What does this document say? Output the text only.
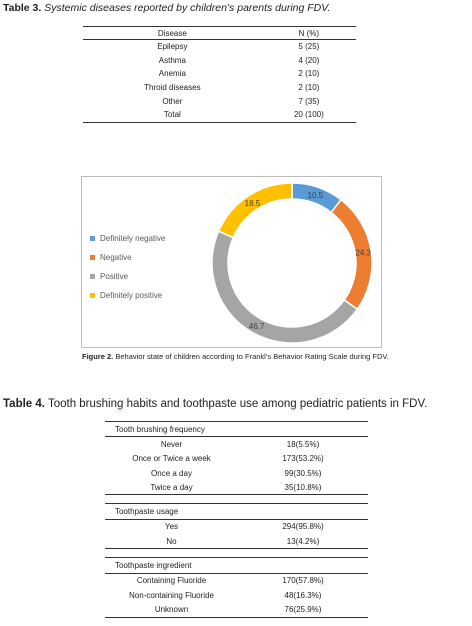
Table 3. Systemic diseases reported by children’s parents during FDV.
Disease	N (%)
Epilepsy	5 (25)
Asthma	4 (20)
Anemia	2 (10)
Throid diseases	2 (10)
Other	7 (35)
Total	20 (100)
Definitely negative
Negative
Positive
Definitely positive
10.5
24.3
46.7
18.5
Figure 2. Behavior state of children according to Frankl’s Behavior Rating Scale during FDV.
Table 4. Tooth brushing habits and toothpaste use among pediatric patients in FDV.
Tooth brushing frequency	
Never	18(5.5%)
Once or Twice a week	173(53.2%)
Once a day	99(30.5%)
Twice a day	35(10.8%)

Toothpaste usage	
Yes	294(95.8%)
No	13(4.2%)

Toothpaste ingredient	
Containing Fluoride	170(57.8%)
Non-containing Fluoride	48(16.3%)
Unknown	76(25.9%)
